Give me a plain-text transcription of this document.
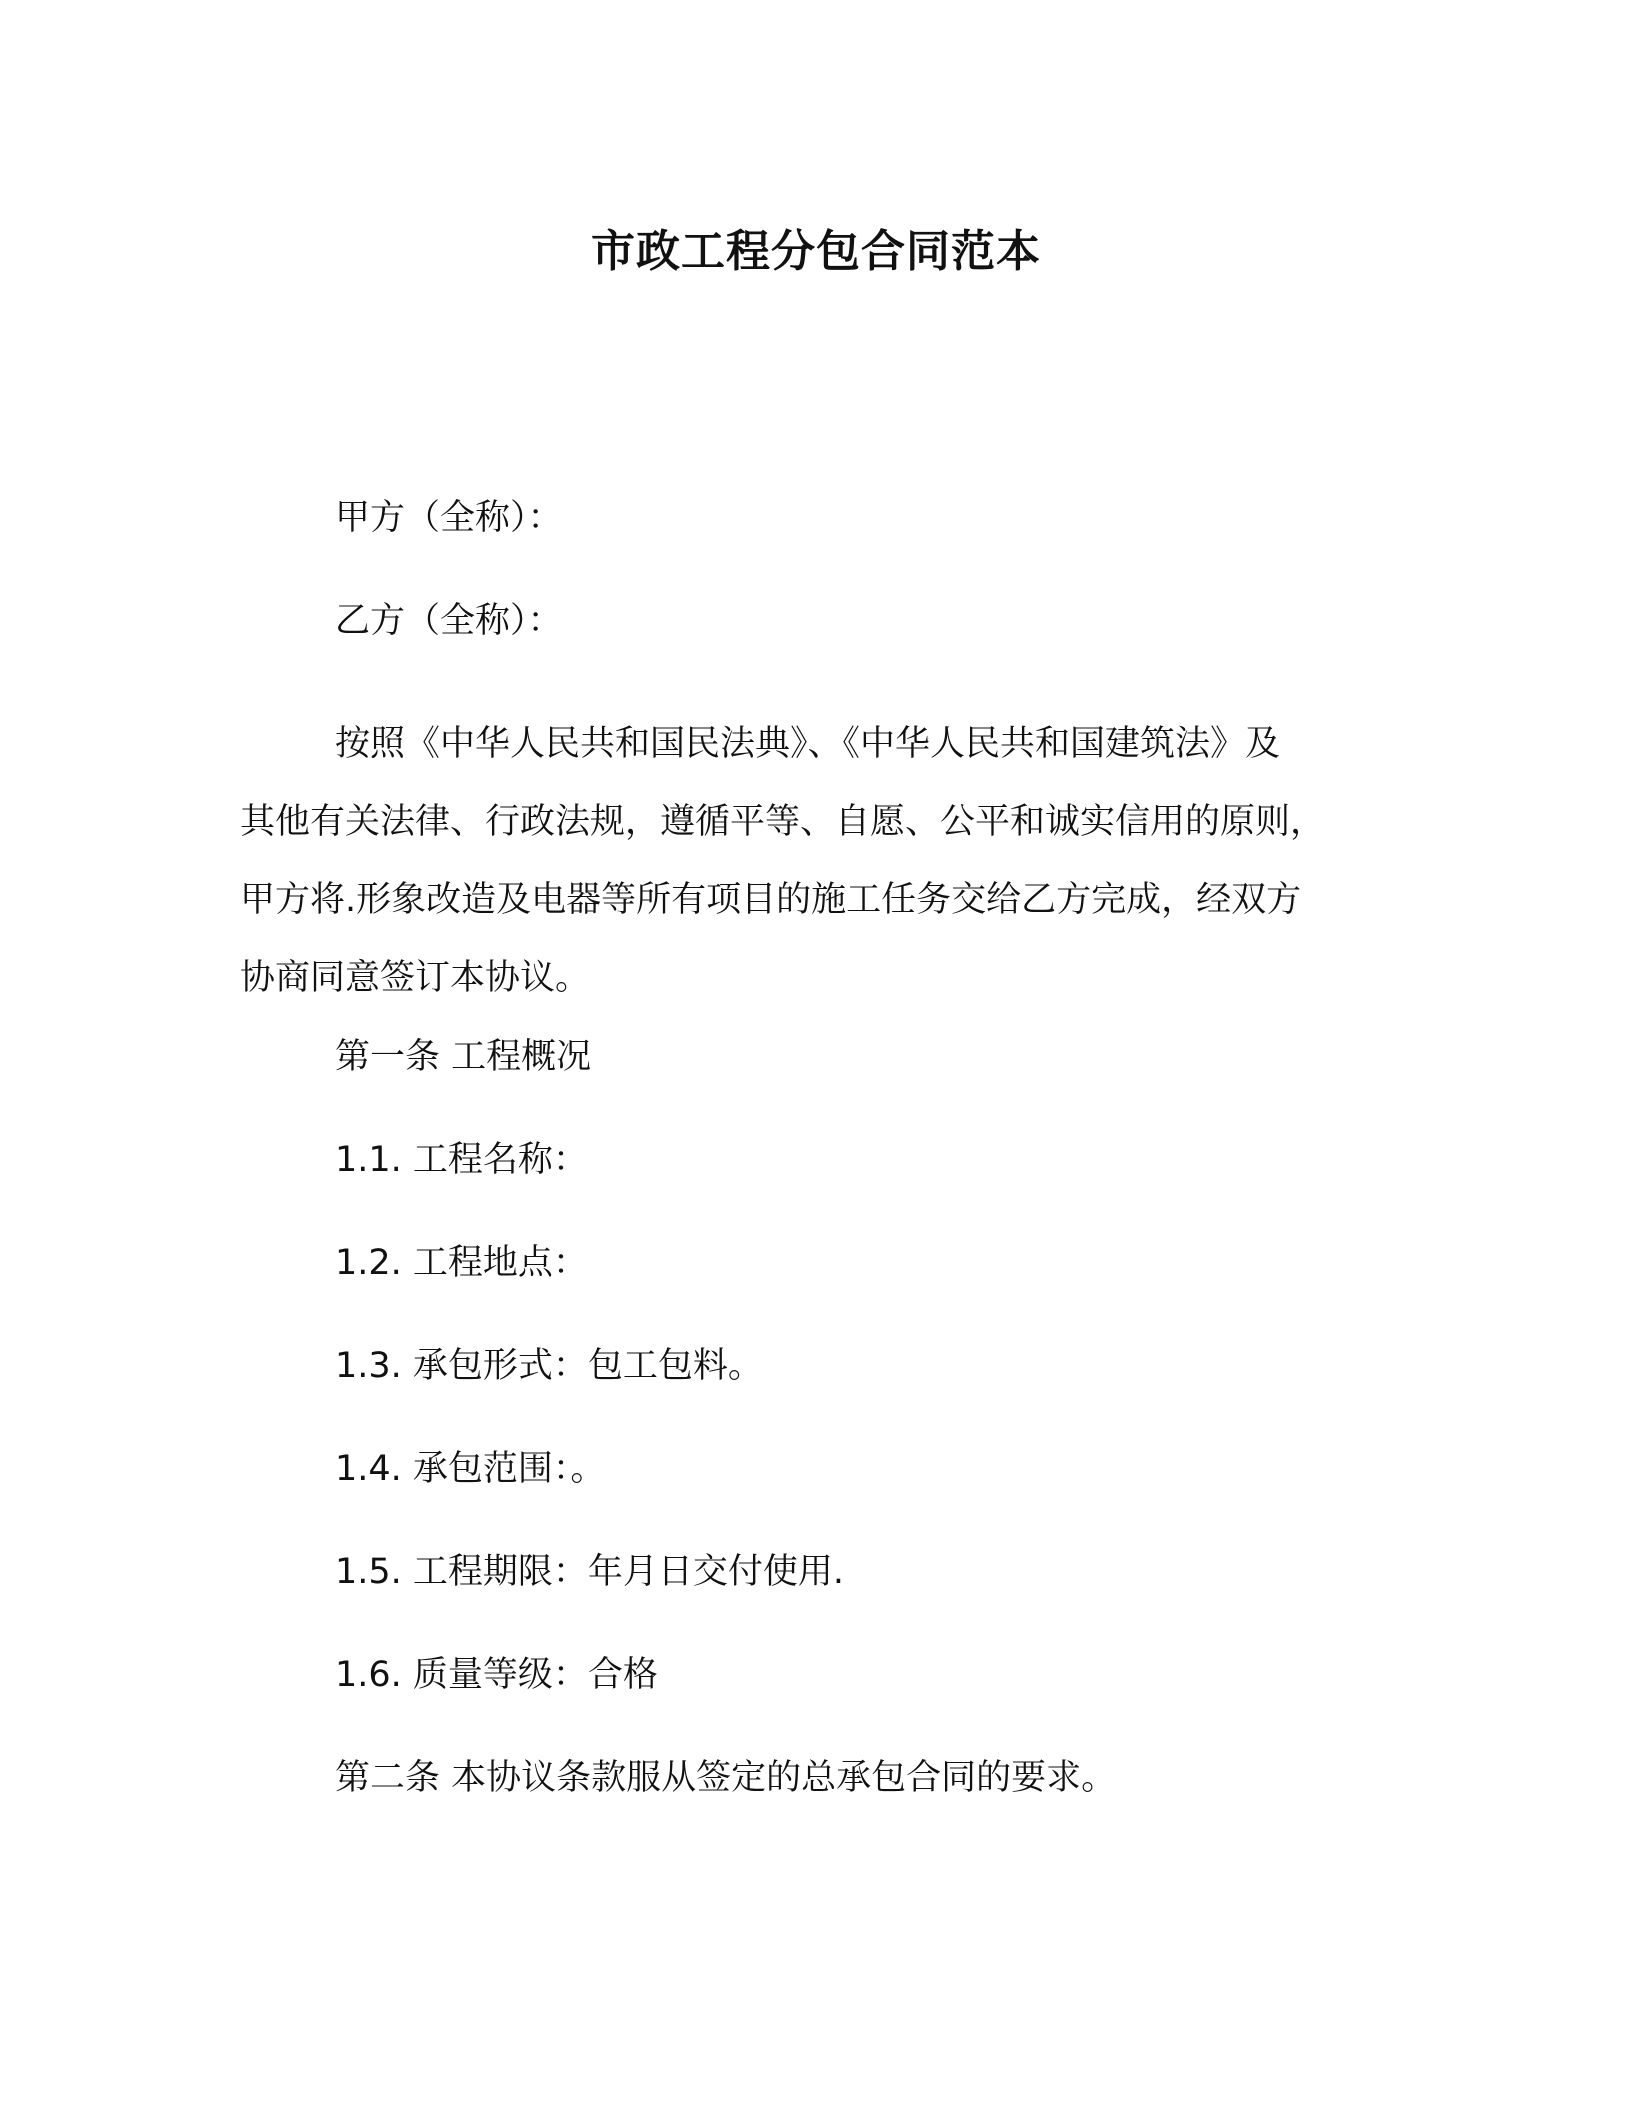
市政工程分包合同范本
甲方（全称）：
乙方（全称）：
按照《中华人民共和国民法典》、《中华人民共和国建筑法》及
其他有关法律、行政法规，遵循平等、自愿、公平和诚实信用的原则，
甲方将.形象改造及电器等所有项目的施工任务交给乙方完成，经双方
协商同意签订本协议。
第一条 工程概况
1.1. 工程名称：
1.2. 工程地点：
1.3. 承包形式：包工包料。
1.4. 承包范围：。
1.5. 工程期限：年月日交付使用.
1.6. 质量等级：合格
第二条 本协议条款服从签定的总承包合同的要求。
